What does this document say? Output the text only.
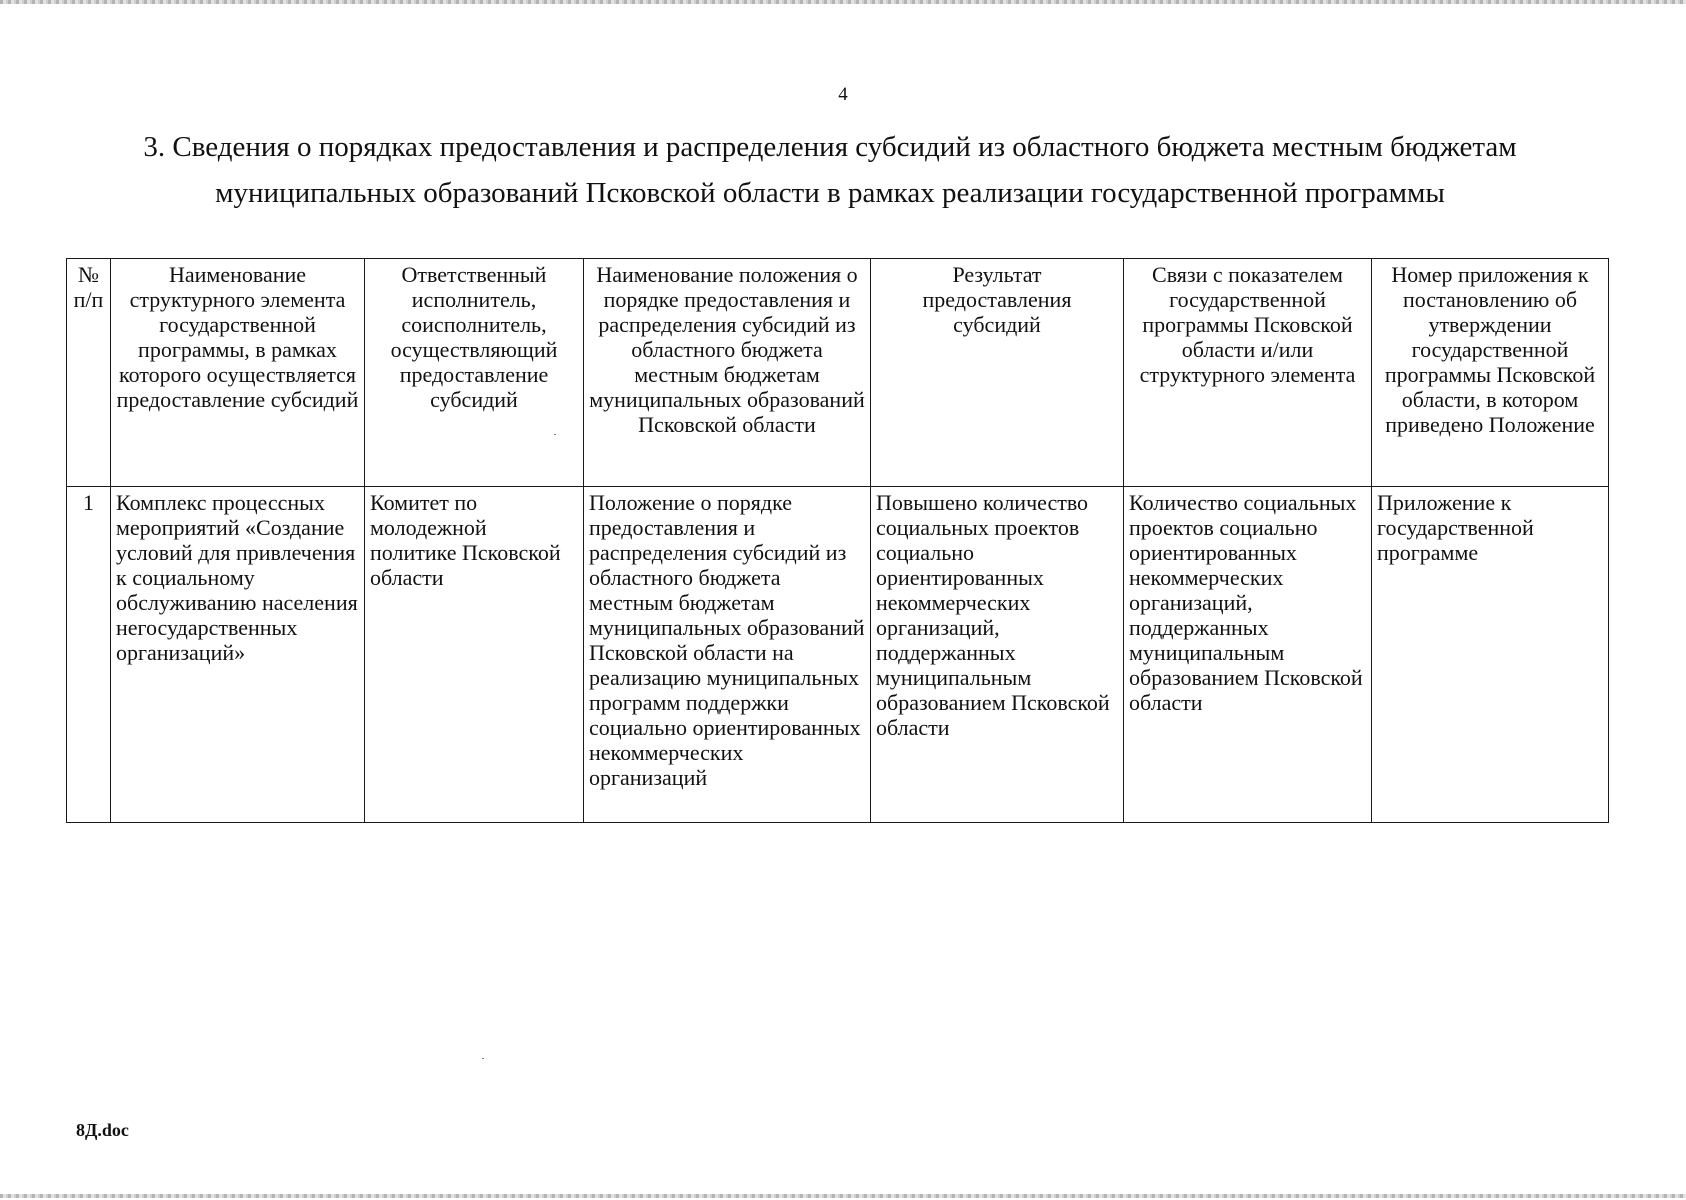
4
3. Сведения о порядках предоставления и распределения субсидий из областного бюджета местным бюджетам
муниципальных образований Псковской области в рамках реализации государственной программы
№ п/п	Наименование структурного элемента государственной программы, в рамках которого осуществляется предоставление субсидий	Ответственный исполнитель, соисполнитель, осуществляющий предоставление субсидий	Наименование положения о порядке предоставления и распределения субсидий из областного бюджета местным бюджетам муниципальных образований Псковской области	Результат предоставления субсидий	Связи с показателем государственной программы Псковской области и/или структурного элемента	Номер приложения к постановлению об утверждении государственной программы Псковской области, в котором приведено Положение
1	Комплекс процессных мероприятий «Создание условий для привлечения к социальному обслуживанию населения негосударственных организаций»	Комитет по молодежной политике Псковской области	Положение о порядке предоставления и распределения субсидий из областного бюджета местным бюджетам муниципальных образований Псковской области на реализацию муниципальных программ поддержки социально ориентированных некоммерческих организаций	Повышено количество социальных проектов социально ориентированных некоммерческих организаций, поддержанных муниципальным образованием Псковской области	Количество социальных проектов социально ориентированных некоммерческих организаций, поддержанных муниципальным образованием Псковской области	Приложение к государственной программе
8Д.doc
